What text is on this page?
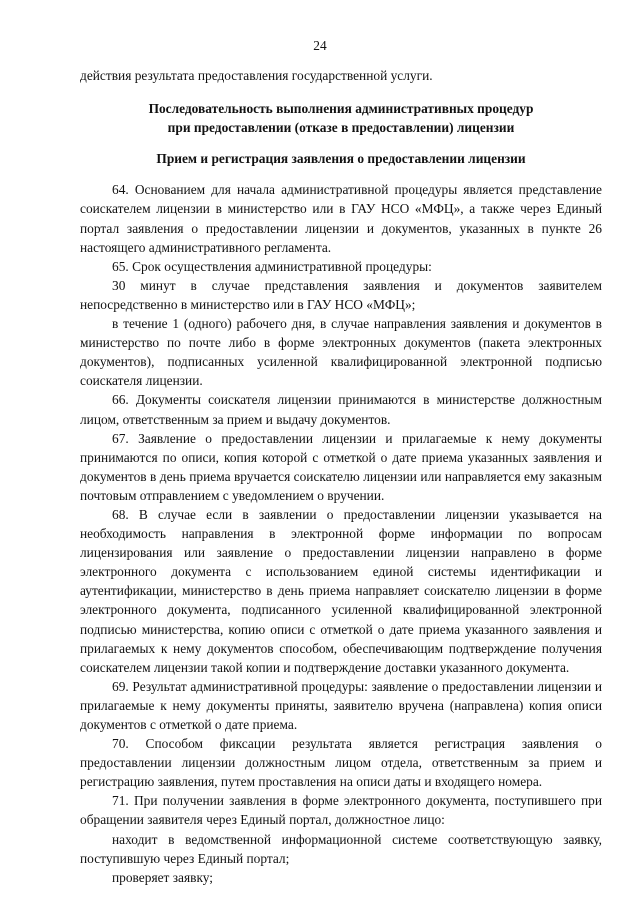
24

действия результата предоставления государственной услуги.

Последовательность выполнения административных процедур

при предоставлении (отказе в предоставлении) лицензии

Прием и регистрация заявления о предоставлении лицензии

64. Основанием для начала административной процедуры является представление соискателем лицензии в министерство или в ГАУ НСО «МФЦ», а также через Единый портал заявления о предоставлении лицензии и документов, указанных в пункте 26 настоящего административного регламента.

65. Срок осуществления административной процедуры:

30 минут в случае представления заявления и документов заявителем непосредственно в министерство или в ГАУ НСО «МФЦ»;

в течение 1 (одного) рабочего дня, в случае направления заявления и документов в министерство по почте либо в форме электронных документов (пакета электронных документов), подписанных усиленной квалифицированной электронной подписью соискателя лицензии.

66. Документы соискателя лицензии принимаются в министерстве должностным лицом, ответственным за прием и выдачу документов.

67. Заявление о предоставлении лицензии и прилагаемые к нему документы принимаются по описи, копия которой с отметкой о дате приема указанных заявления и документов в день приема вручается соискателю лицензии или направляется ему заказным почтовым отправлением с уведомлением о вручении.

68. В случае если в заявлении о предоставлении лицензии указывается на необходимость направления в электронной форме информации по вопросам лицензирования или заявление о предоставлении лицензии направлено в форме электронного документа с использованием единой системы идентификации и аутентификации, министерство в день приема направляет соискателю лицензии в форме электронного документа, подписанного усиленной квалифицированной электронной подписью министерства, копию описи с отметкой о дате приема указанного заявления и прилагаемых к нему документов способом, обеспечивающим подтверждение получения соискателем лицензии такой копии и подтверждение доставки указанного документа.

69. Результат административной процедуры: заявление о предоставлении лицензии и прилагаемые к нему документы приняты, заявителю вручена (направлена) копия описи документов с отметкой о дате приема.

70. Способом фиксации результата является регистрация заявления о предоставлении лицензии должностным лицом отдела, ответственным за прием и регистрацию заявления, путем проставления на описи даты и входящего номера.

71. При получении заявления в форме электронного документа, поступившего при обращении заявителя через Единый портал, должностное лицо:

находит в ведомственной информационной системе соответствующую заявку, поступившую через Единый портал;

проверяет заявку;
